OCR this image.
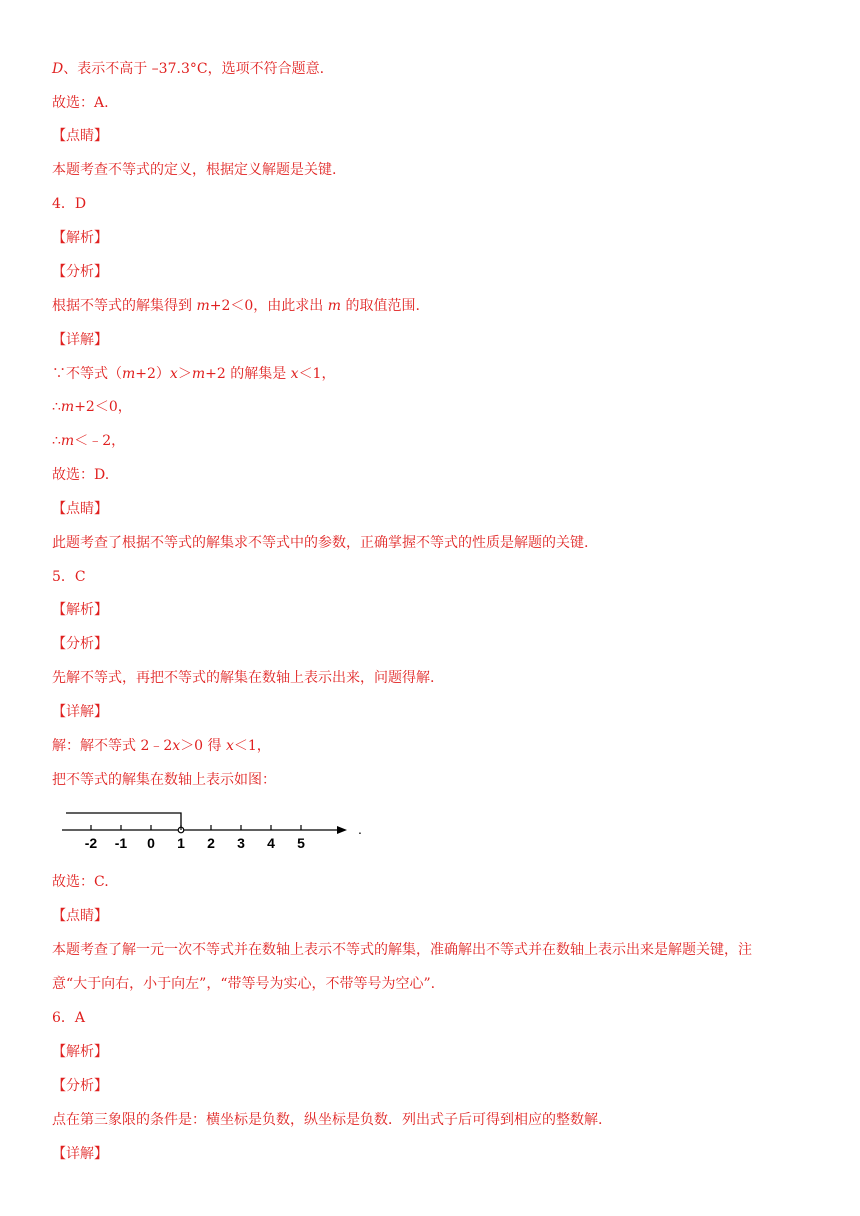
D、表示不高于 –37.3°C，选项不符合题意.
故选：A.
【点睛】
本题考查不等式的定义，根据定义解题是关键.
4．D
【解析】
【分析】
根据不等式的解集得到 m+2＜0，由此求出 m 的取值范围.
【详解】
∵不等式（m+2）x＞m+2 的解集是 x＜1，
∴m+2＜0，
∴m＜﹣2，
故选：D.
【点睛】
此题考查了根据不等式的解集求不等式中的参数，正确掌握不等式的性质是解题的关键.
5．C
【解析】
【分析】
先解不等式，再把不等式的解集在数轴上表示出来，问题得解.
【详解】
解：解不等式 2﹣2x＞0 得 x＜1，
把不等式的解集在数轴上表示如图：
-2 -1 0 1 2 3 4 5
.
故选：C.
【点睛】
本题考查了解一元一次不等式并在数轴上表示不等式的解集，准确解出不等式并在数轴上表示出来是解题关键，注
意“大于向右，小于向左”，“带等号为实心，不带等号为空心”.
6．A
【解析】
【分析】
点在第三象限的条件是：横坐标是负数，纵坐标是负数．列出式子后可得到相应的整数解.
【详解】
